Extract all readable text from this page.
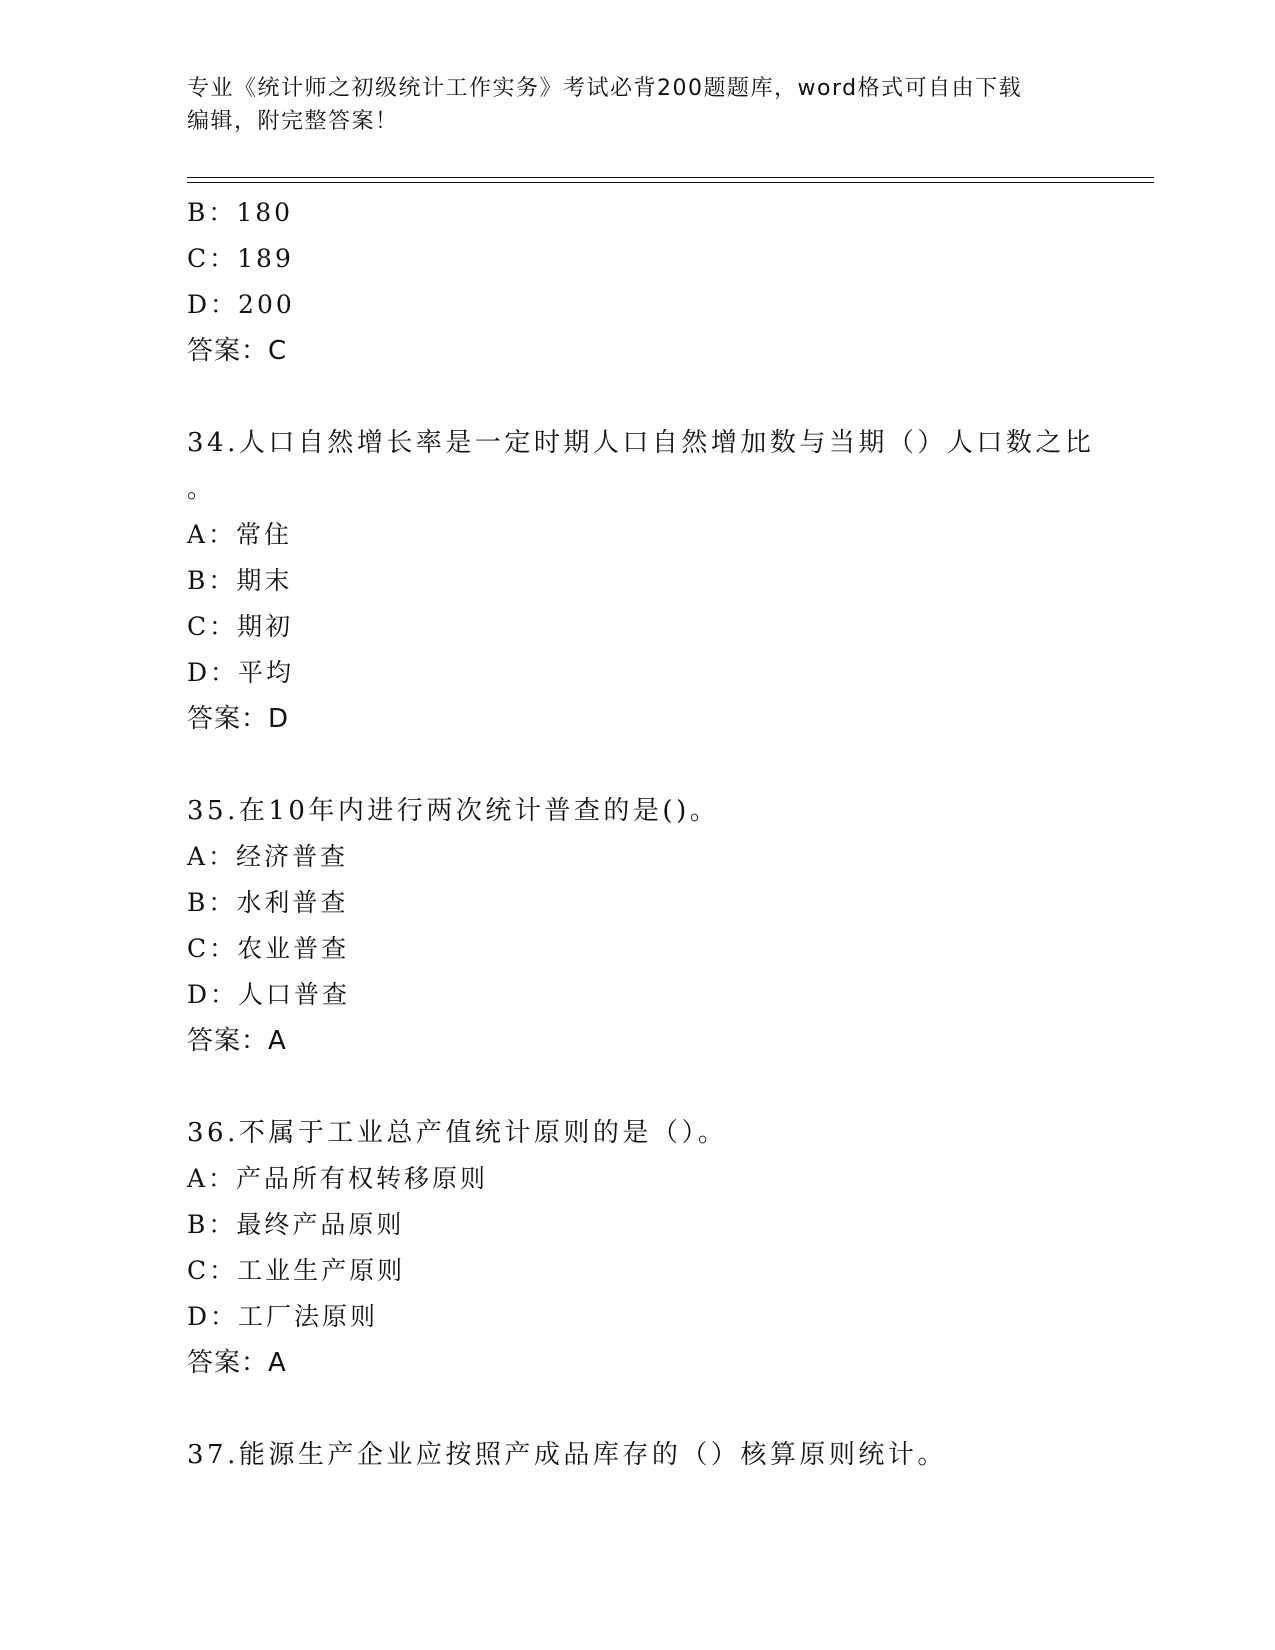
专业《统计师之初级统计工作实务》考试必背200题题库，word格式可自由下载
编辑，附完整答案！
B：180
C：189
D：200
答案：C
34.人口自然增长率是一定时期人口自然增加数与当期（）人口数之比
。
A：常住
B：期末
C：期初
D：平均
答案：D
35.在10年内进行两次统计普查的是()。
A：经济普查
B：水利普查
C：农业普查
D：人口普查
答案：A
36.不属于工业总产值统计原则的是（）。
A：产品所有权转移原则
B：最终产品原则
C：工业生产原则
D：工厂法原则
答案：A
37.能源生产企业应按照产成品库存的（）核算原则统计。
